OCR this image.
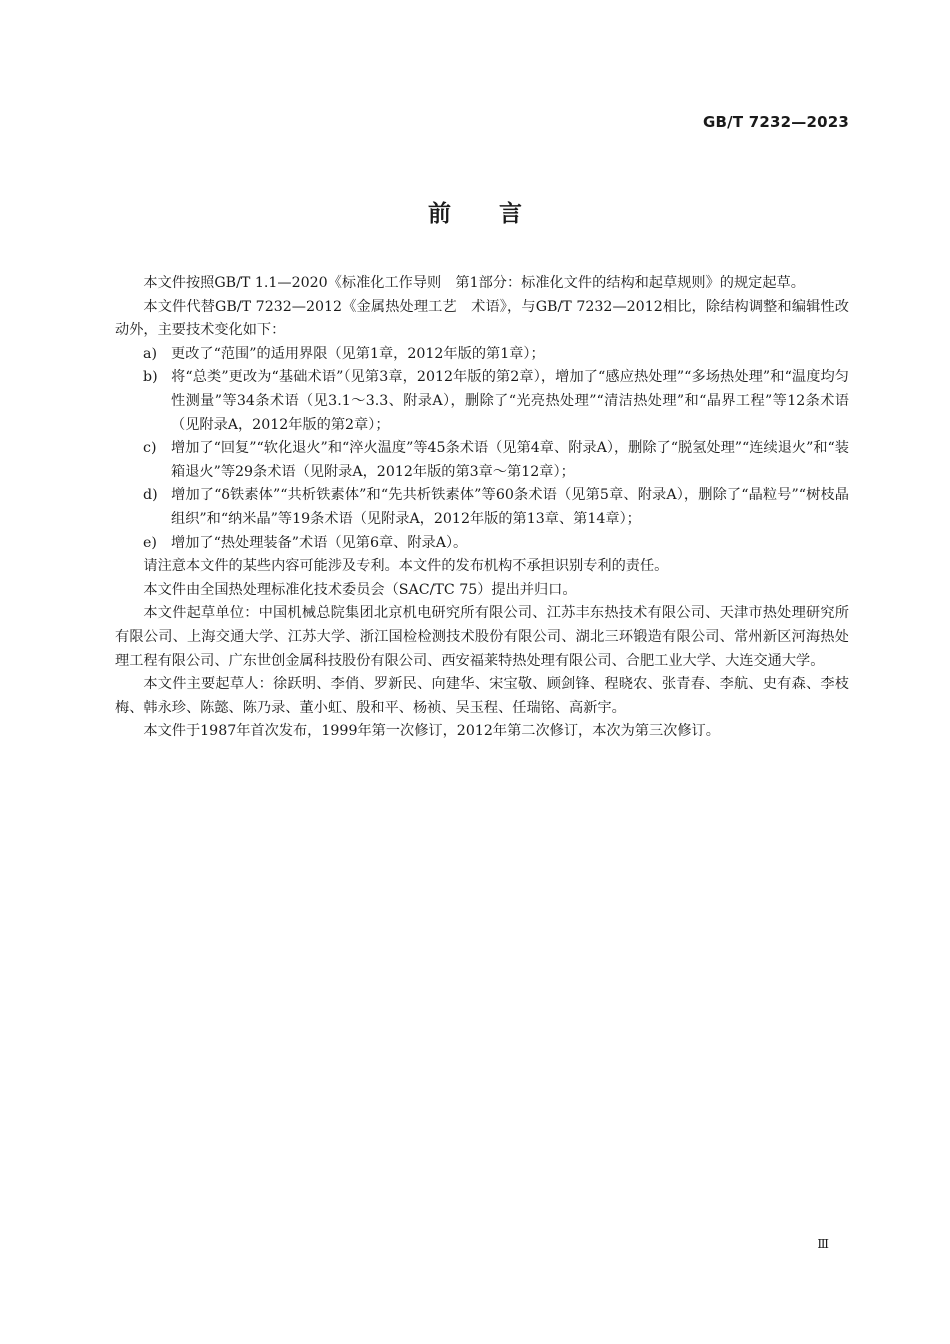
GB/T 7232—2023
前言

本文件按照GB/T 1.1—2020《标准化工作导则　第1部分：标准化文件的结构和起草规则》的规定起草。

本文件代替GB/T 7232—2012《金属热处理工艺　术语》，与GB/T 7232—2012相比，除结构调整和编辑性改动外，主要技术变化如下：

a) 更改了“范围”的适用界限（见第1章，2012年版的第1章）；

b) 将“总类”更改为“基础术语”（见第3章，2012年版的第2章），增加了“感应热处理”“多场热处理”和“温度均匀性测量”等34条术语（见3.1～3.3、附录A），删除了“光亮热处理”“清洁热处理”和“晶界工程”等12条术语（见附录A，2012年版的第2章）；

c) 增加了“回复”“软化退火”和“淬火温度”等45条术语（见第4章、附录A），删除了“脱氢处理”“连续退火”和“装箱退火”等29条术语（见附录A，2012年版的第3章～第12章）；

d) 增加了“δ铁素体”“共析铁素体”和“先共析铁素体”等60条术语（见第5章、附录A），删除了“晶粒号”“树枝晶组织”和“纳米晶”等19条术语（见附录A，2012年版的第13章、第14章）；

e) 增加了“热处理装备”术语（见第6章、附录A）。

请注意本文件的某些内容可能涉及专利。本文件的发布机构不承担识别专利的责任。

本文件由全国热处理标准化技术委员会（SAC/TC 75）提出并归口。

本文件起草单位：中国机械总院集团北京机电研究所有限公司、江苏丰东热技术有限公司、天津市热处理研究所有限公司、上海交通大学、江苏大学、浙江国检检测技术股份有限公司、湖北三环锻造有限公司、常州新区河海热处理工程有限公司、广东世创金属科技股份有限公司、西安福莱特热处理有限公司、合肥工业大学、大连交通大学。

本文件主要起草人：徐跃明、李俏、罗新民、向建华、宋宝敬、顾剑锋、程晓农、张青春、李航、史有森、李枝梅、韩永珍、陈懿、陈乃录、董小虹、殷和平、杨祯、吴玉程、任瑞铭、高新宇。

本文件于1987年首次发布，1999年第一次修订，2012年第二次修订，本次为第三次修订。

Ⅲ
